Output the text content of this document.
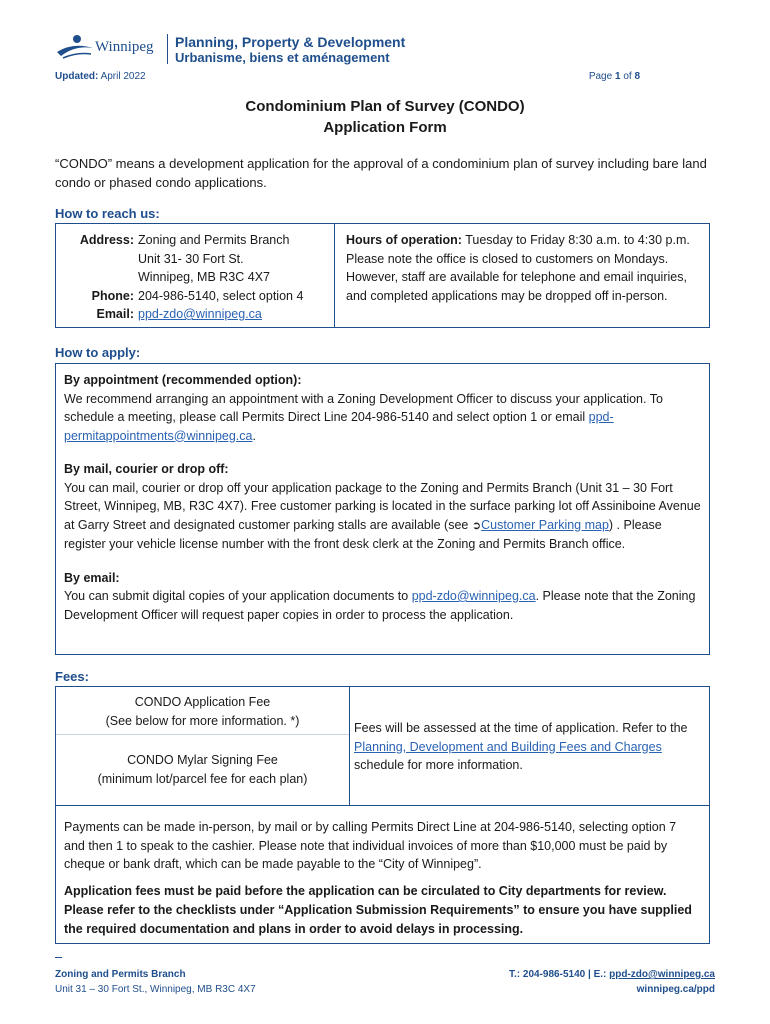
Winnipeg Planning, Property & Development
Urbanisme, biens et aménagement
Updated: April 2022	Page 1 of 8
Condominium Plan of Survey (CONDO)
Application Form
“CONDO” means a development application for the approval of a condominium plan of survey including bare land condo or phased condo applications.
How to reach us:
Address: Zoning and Permits Branch
Unit 31- 30 Fort St.
Winnipeg, MB R3C 4X7
Phone: 204-986-5140, select option 4
Email: ppd-zdo@winnipeg.ca
Hours of operation: Tuesday to Friday 8:30 a.m. to 4:30 p.m. Please note the office is closed to customers on Mondays. However, staff are available for telephone and email inquiries, and completed applications may be dropped off in-person.
How to apply:

By appointment (recommended option):
We recommend arranging an appointment with a Zoning Development Officer to discuss your application. To schedule a meeting, please call Permits Direct Line 204-986-5140 and select option 1 or email ppd-permitappointments@winnipeg.ca.

By mail, courier or drop off:
You can mail, courier or drop off your application package to the Zoning and Permits Branch (Unit 31 – 30 Fort Street, Winnipeg, MB, R3C 4X7). Free customer parking is located in the surface parking lot off Assiniboine Avenue at Garry Street and designated customer parking stalls are available (see ➲Customer Parking map) . Please register your vehicle license number with the front desk clerk at the Zoning and Permits Branch office.

By email:
You can submit digital copies of your application documents to ppd-zdo@winnipeg.ca. Please note that the Zoning Development Officer will request paper copies in order to process the application.

Fees:
CONDO Application Fee
(See below for more information. *)
CONDO Mylar Signing Fee
(minimum lot/parcel fee for each plan)
Fees will be assessed at the time of application. Refer to the Planning, Development and Building Fees and Charges schedule for more information.
Payments can be made in-person, by mail or by calling Permits Direct Line at 204-986-5140, selecting option 7 and then 1 to speak to the cashier. Please note that individual invoices of more than $10,000 must be paid by cheque or bank draft, which can be made payable to the “City of Winnipeg”.
Application fees must be paid before the application can be circulated to City departments for review. Please refer to the checklists under “Application Submission Requirements” to ensure you have supplied the required documentation and plans in order to avoid delays in processing.
Zoning and Permits Branch
Unit 31 – 30 Fort St., Winnipeg, MB R3C 4X7
T.: 204-986-5140 | E.: ppd-zdo@winnipeg.ca
winnipeg.ca/ppd
